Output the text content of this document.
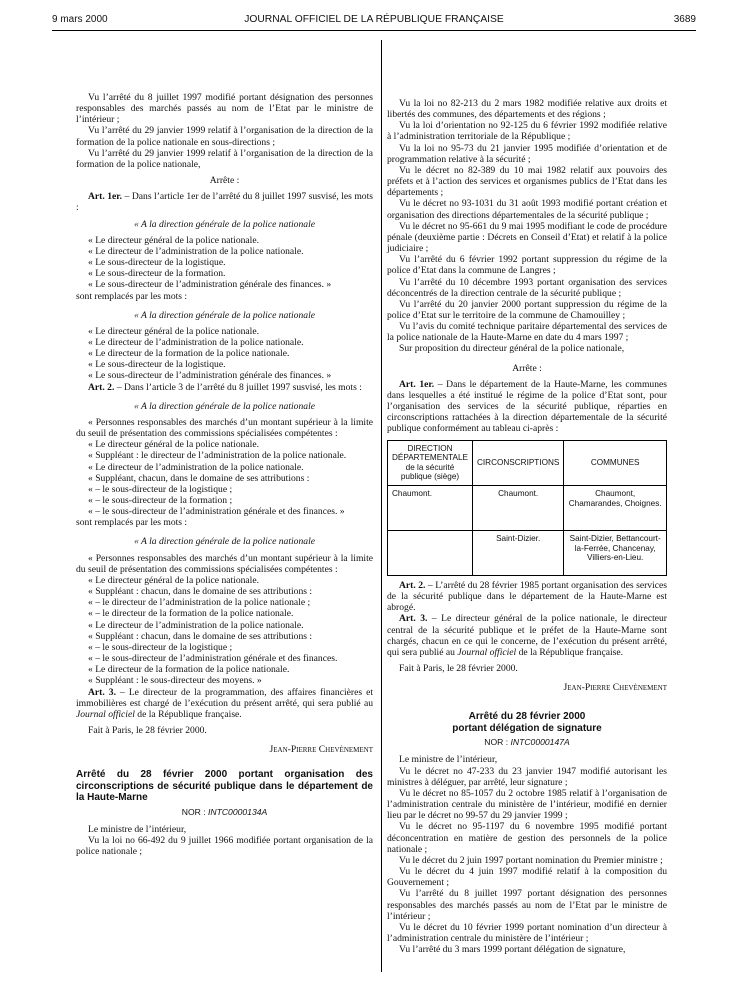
9 mars 2000	JOURNAL OFFICIEL DE LA RÉPUBLIQUE FRANÇAISE	3689

Vu l’arrêté du 8 juillet 1997 modifié portant désignation des personnes responsables des marchés passés au nom de l’Etat par le ministre de l’intérieur ;

Vu l’arrêté du 29 janvier 1999 relatif à l’organisation de la direction de la formation de la police nationale en sous-directions ;

Vu l’arrêté du 29 janvier 1999 relatif à l’organisation de la direction de la formation de la police nationale,

Arrête :

Art. 1er. – Dans l’article 1er de l’arrêté du 8 juillet 1997 susvisé, les mots :

« A la direction générale de la police nationale

« Le directeur général de la police nationale.

« Le directeur de l’administration de la police nationale.

« Le sous-directeur de la logistique.

« Le sous-directeur de la formation.

« Le sous-directeur de l’administration générale des finances. »

sont remplacés par les mots :

« A la direction générale de la police nationale

« Le directeur général de la police nationale.

« Le directeur de l’administration de la police nationale.

« Le directeur de la formation de la police nationale.

« Le sous-directeur de la logistique.

« Le sous-directeur de l’administration générale des finances. »

Art. 2. – Dans l’article 3 de l’arrêté du 8 juillet 1997 susvisé, les mots :

« A la direction générale de la police nationale

« Personnes responsables des marchés d’un montant supérieur à la limite du seuil de présentation des commissions spécialisées compétentes :

« Le directeur général de la police nationale.

« Suppléant : le directeur de l’administration de la police nationale.

« Le directeur de l’administration de la police nationale.

« Suppléant, chacun, dans le domaine de ses attributions :

« – le sous-directeur de la logistique ;

« – le sous-directeur de la formation ;

« – le sous-directeur de l’administration générale et des finances. »

sont remplacés par les mots :

« A la direction générale de la police nationale

« Personnes responsables des marchés d’un montant supérieur à la limite du seuil de présentation des commissions spécialisées compétentes :

« Le directeur général de la police nationale.

« Suppléant : chacun, dans le domaine de ses attributions :

« – le directeur de l’administration de la police nationale ;

« – le directeur de la formation de la police nationale.

« Le directeur de l’administration de la police nationale.

« Suppléant : chacun, dans le domaine de ses attributions :

« – le sous-directeur de la logistique ;

« – le sous-directeur de l’administration générale et des finances.

« Le directeur de la formation de la police nationale.

« Suppléant : le sous-directeur des moyens. »

Art. 3. – Le directeur de la programmation, des affaires financières et immobilières est chargé de l’exécution du présent arrêté, qui sera publié au Journal officiel de la République française.

Fait à Paris, le 28 février 2000.

Jean-Pierre Chevènement

Arrêté du 28 février 2000 portant organisation des circonscriptions de sécurité publique dans le département de la Haute-Marne

NOR : INTC0000134A

Le ministre de l’intérieur,

Vu la loi no 66-492 du 9 juillet 1966 modifiée portant organisation de la police nationale ;

Vu la loi no 82-213 du 2 mars 1982 modifiée relative aux droits et libertés des communes, des départements et des régions ;

Vu la loi d’orientation no 92-125 du 6 février 1992 modifiée relative à l’administration territoriale de la République ;

Vu la loi no 95-73 du 21 janvier 1995 modifiée d’orientation et de programmation relative à la sécurité ;

Vu le décret no 82-389 du 10 mai 1982 relatif aux pouvoirs des préfets et à l’action des services et organismes publics de l’Etat dans les départements ;

Vu le décret no 93-1031 du 31 août 1993 modifié portant création et organisation des directions départementales de la sécurité publique ;

Vu le décret no 95-661 du 9 mai 1995 modifiant le code de procédure pénale (deuxième partie : Décrets en Conseil d’Etat) et relatif à la police judiciaire ;

Vu l’arrêté du 6 février 1992 portant suppression du régime de la police d’Etat dans la commune de Langres ;

Vu l’arrêté du 10 décembre 1993 portant organisation des services déconcentrés de la direction centrale de la sécurité publique ;

Vu l’arrêté du 20 janvier 2000 portant suppression du régime de la police d’Etat sur le territoire de la commune de Chamouilley ;

Vu l’avis du comité technique paritaire départemental des services de la police nationale de la Haute-Marne en date du 4 mars 1997 ;

Sur proposition du directeur général de la police nationale,

Arrête :

Art. 1er. – Dans le département de la Haute-Marne, les communes dans lesquelles a été institué le régime de la police d’Etat sont, pour l’organisation des services de la sécurité publique, réparties en circonscriptions rattachées à la direction départementale de la sécurité publique conformément au tableau ci-après :

DIRECTION DÉPARTEMENTALE de la sécurité publique (siège)	CIRCONSCRIPTIONS	COMMUNES
Chaumont.	Chaumont.	Chaumont, Chamarandes, Choignes.
	Saint-Dizier.	Saint-Dizier, Bettancourt-la-Ferrée, Chancenay, Villiers-en-Lieu.

Art. 2. – L’arrêté du 28 février 1985 portant organisation des services de la sécurité publique dans le département de la Haute-Marne est abrogé.

Art. 3. – Le directeur général de la police nationale, le directeur central de la sécurité publique et le préfet de la Haute-Marne sont chargés, chacun en ce qui le concerne, de l’exécution du présent arrêté, qui sera publié au Journal officiel de la République française.

Fait à Paris, le 28 février 2000.

Jean-Pierre Chevènement

Arrêté du 28 février 2000
portant délégation de signature

NOR : INTC0000147A

Le ministre de l’intérieur,

Vu le décret no 47-233 du 23 janvier 1947 modifié autorisant les ministres à déléguer, par arrêté, leur signature ;

Vu le décret no 85-1057 du 2 octobre 1985 relatif à l’organisation de l’administration centrale du ministère de l’intérieur, modifié en dernier lieu par le décret no 99-57 du 29 janvier 1999 ;

Vu le décret no 95-1197 du 6 novembre 1995 modifié portant déconcentration en matière de gestion des personnels de la police nationale ;

Vu le décret du 2 juin 1997 portant nomination du Premier ministre ;

Vu le décret du 4 juin 1997 modifié relatif à la composition du Gouvernement ;

Vu l’arrêté du 8 juillet 1997 portant désignation des personnes responsables des marchés passés au nom de l’Etat par le ministre de l’intérieur ;

Vu le décret du 10 février 1999 portant nomination d’un directeur à l’administration centrale du ministère de l’intérieur ;

Vu l’arrêté du 3 mars 1999 portant délégation de signature,
